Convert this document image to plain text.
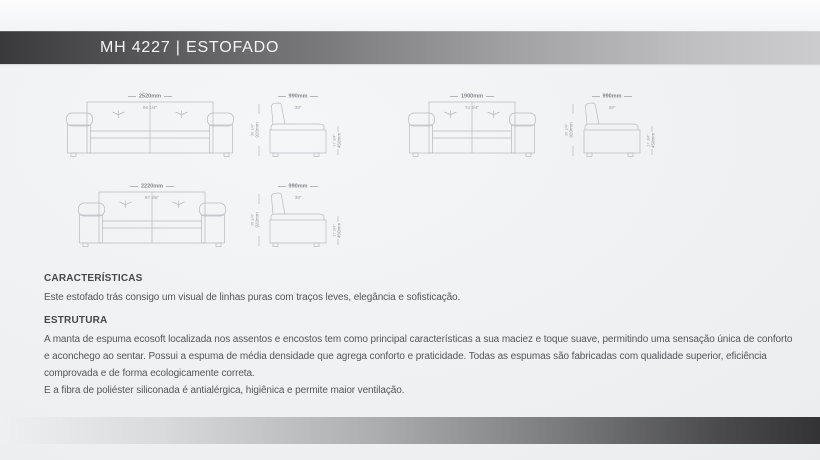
MH 4227 | ESTOFADO
2520mm
99 1/4"
990mm
39"
920mm
36 1/4"
450mm
17 3/4"
1900mm
74 3/4"
990mm
39"
920mm
36 1/4"
450mm
17 3/4"
2220mm
87 3/8"
990mm
39"
920mm
36 1/4"
450mm
17 3/4"
CARACTERÍSTICAS

Este estofado trás consigo um visual de linhas puras com traços leves, elegância e sofisticação.

ESTRUTURA

A manta de espuma ecosoft localizada nos assentos e encostos tem como principal características a sua maciez e toque suave, permitindo uma sensação única de conforto e aconchego ao sentar. Possui a espuma de média densidade que agrega conforto e praticidade. Todas as espumas são fabricadas com qualidade superior, eficiência comprovada e de forma ecologicamente correta.

E a fibra de poliéster siliconada é antialérgica, higiênica e permite maior ventilação.
